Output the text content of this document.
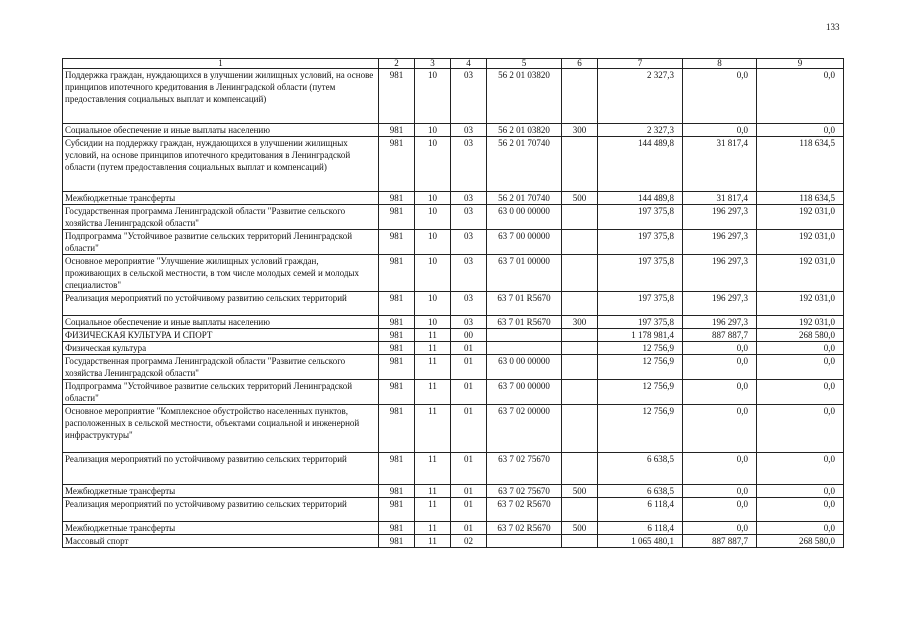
133
1	2	3	4	5	6	7	8	9
Поддержка граждан, нуждающихся в улучшении жилищных условий, на основе принципов ипотечного кредитования в Ленинградской области (путем предоставления социальных выплат и компенсаций)	981	10	03	56 2 01 03820		2 327,3	0,0	0,0
Социальное обеспечение и иные выплаты населению	981	10	03	56 2 01 03820	300	2 327,3	0,0	0,0
Субсидии на поддержку граждан, нуждающихся в улучшении жилищных условий, на основе принципов ипотечного кредитования в Ленинградской области (путем предоставления социальных выплат и компенсаций)	981	10	03	56 2 01 70740		144 489,8	31 817,4	118 634,5
Межбюджетные трансферты	981	10	03	56 2 01 70740	500	144 489,8	31 817,4	118 634,5
Государственная программа Ленинградской области "Развитие сельского хозяйства Ленинградской области"	981	10	03	63 0 00 00000		197 375,8	196 297,3	192 031,0
Подпрограмма "Устойчивое развитие сельских территорий Ленинградской области"	981	10	03	63 7 00 00000		197 375,8	196 297,3	192 031,0
Основное мероприятие "Улучшение жилищных условий граждан, проживающих в сельской местности, в том числе молодых семей и молодых специалистов"	981	10	03	63 7 01 00000		197 375,8	196 297,3	192 031,0
Реализация мероприятий по устойчивому развитию сельских территорий	981	10	03	63 7 01 R5670		197 375,8	196 297,3	192 031,0
Социальное обеспечение и иные выплаты населению	981	10	03	63 7 01 R5670	300	197 375,8	196 297,3	192 031,0
ФИЗИЧЕСКАЯ КУЛЬТУРА И СПОРТ	981	11	00			1 178 981,4	887 887,7	268 580,0
Физическая культура	981	11	01			12 756,9	0,0	0,0
Государственная программа Ленинградской области "Развитие сельского хозяйства Ленинградской области"	981	11	01	63 0 00 00000		12 756,9	0,0	0,0
Подпрограмма "Устойчивое развитие сельских территорий Ленинградской области"	981	11	01	63 7 00 00000		12 756,9	0,0	0,0
Основное мероприятие "Комплексное обустройство населенных пунктов, расположенных в сельской местности, объектами социальной и инженерной инфраструктуры"	981	11	01	63 7 02 00000		12 756,9	0,0	0,0
Реализация мероприятий по устойчивому развитию сельских территорий	981	11	01	63 7 02 75670		6 638,5	0,0	0,0
Межбюджетные трансферты	981	11	01	63 7 02 75670	500	6 638,5	0,0	0,0
Реализация мероприятий по устойчивому развитию сельских территорий	981	11	01	63 7 02 R5670		6 118,4	0,0	0,0
Межбюджетные трансферты	981	11	01	63 7 02 R5670	500	6 118,4	0,0	0,0
Массовый спорт	981	11	02			1 065 480,1	887 887,7	268 580,0
